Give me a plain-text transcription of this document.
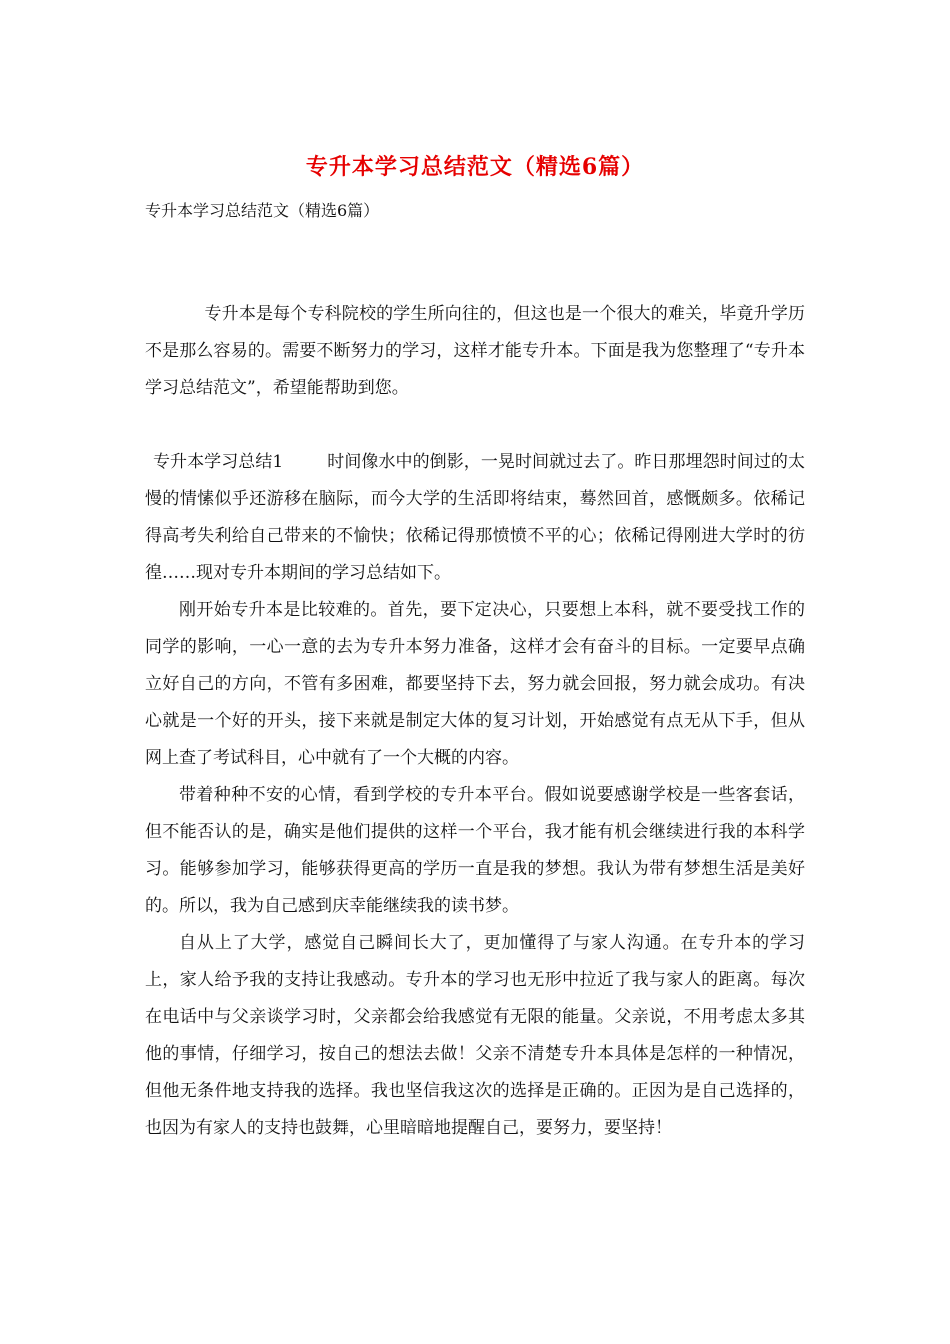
专升本学习总结范文（精选6篇）
专升本学习总结范文（精选6篇）

专升本是每个专科院校的学生所向往的，但这也是一个很大的难关，毕竟升学历不是那么容易的。需要不断努力的学习，这样才能专升本。下面是我为您整理了“专升本学习总结范文”，希望能帮助到您。

专升本学习总结1	时间像水中的倒影，一晃时间就过去了。昨日那埋怨时间过的太慢的情愫似乎还游移在脑际，而今大学的生活即将结束，蓦然回首，感慨颇多。依稀记得高考失利给自己带来的不愉快；依稀记得那愤愤不平的心；依稀记得刚进大学时的彷徨……现对专升本期间的学习总结如下。

刚开始专升本是比较难的。首先，要下定决心，只要想上本科，就不要受找工作的同学的影响，一心一意的去为专升本努力准备，这样才会有奋斗的目标。一定要早点确立好自己的方向，不管有多困难，都要坚持下去，努力就会回报，努力就会成功。有决心就是一个好的开头，接下来就是制定大体的复习计划，开始感觉有点无从下手，但从网上查了考试科目，心中就有了一个大概的内容。

带着种种不安的心情，看到学校的专升本平台。假如说要感谢学校是一些客套话，但不能否认的是，确实是他们提供的这样一个平台，我才能有机会继续进行我的本科学习。能够参加学习，能够获得更高的学历一直是我的梦想。我认为带有梦想生活是美好的。所以，我为自己感到庆幸能继续我的读书梦。

自从上了大学，感觉自己瞬间长大了，更加懂得了与家人沟通。在专升本的学习上，家人给予我的支持让我感动。专升本的学习也无形中拉近了我与家人的距离。每次在电话中与父亲谈学习时，父亲都会给我感觉有无限的能量。父亲说，不用考虑太多其他的事情，仔细学习，按自己的想法去做！父亲不清楚专升本具体是怎样的一种情况，但他无条件地支持我的选择。我也坚信我这次的选择是正确的。正因为是自己选择的，也因为有家人的支持也鼓舞，心里暗暗地提醒自己，要努力，要坚持！
